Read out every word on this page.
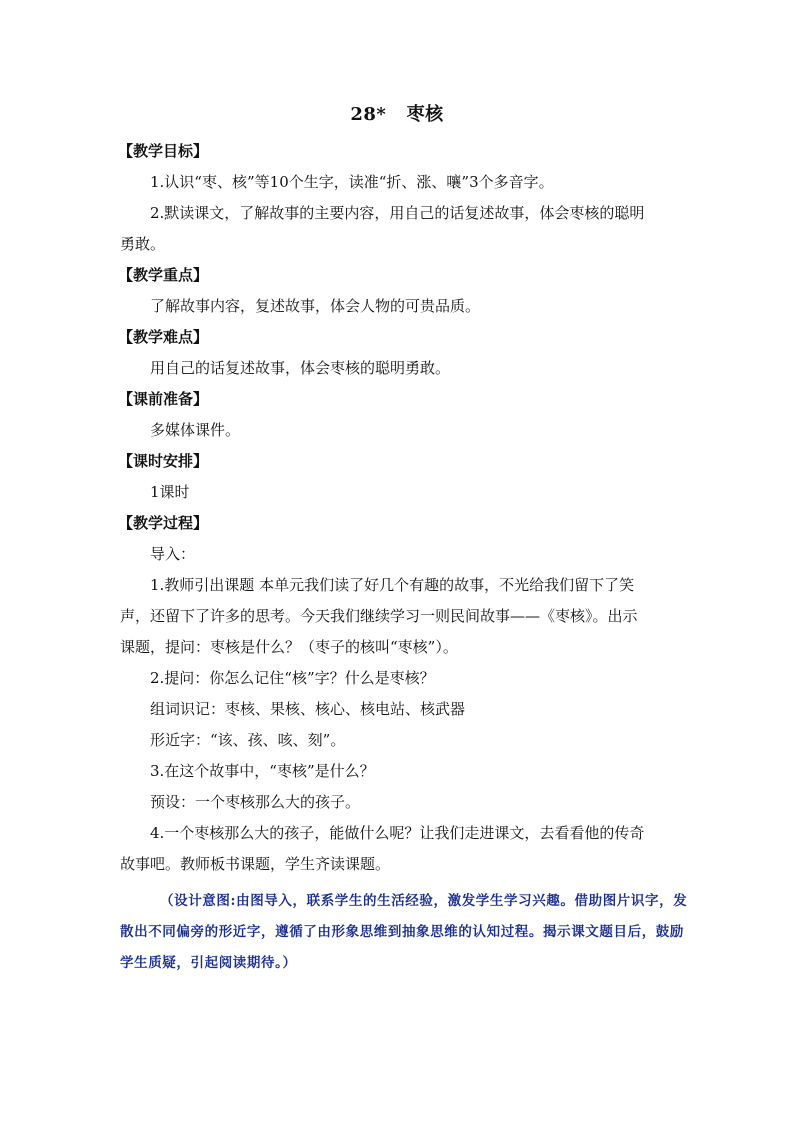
28*   枣核
【教学目标】
1.认识“枣、核”等10个生字，读准“折、涨、嚷”3个多音字。
2.默读课文，了解故事的主要内容，用自己的话复述故事，体会枣核的聪明
勇敢。
【教学重点】
了解故事内容，复述故事，体会人物的可贵品质。
【教学难点】
用自己的话复述故事，体会枣核的聪明勇敢。
【课前准备】
多媒体课件。
【课时安排】
1课时
【教学过程】
导入：
1.教师引出课题 本单元我们读了好几个有趣的故事，不光给我们留下了笑
声，还留下了许多的思考。今天我们继续学习一则民间故事——《枣核》。出示
课题，提问：枣核是什么？（枣子的核叫“枣核”）。
2.提问：你怎么记住“核”字？什么是枣核？
组词识记：枣核、果核、核心、核电站、核武器
形近字：“该、孩、咳、刻”。
3.在这个故事中，“枣核”是什么？
预设：一个枣核那么大的孩子。
4.一个枣核那么大的孩子，能做什么呢？让我们走进课文，去看看他的传奇
故事吧。教师板书课题，学生齐读课题。
（设计意图:由图导入，联系学生的生活经验，激发学生学习兴趣。借助图片识字，发散出不同偏旁的形近字，遵循了由形象思维到抽象思维的认知过程。揭示课文题目后，鼓励学生质疑，引起阅读期待。）
